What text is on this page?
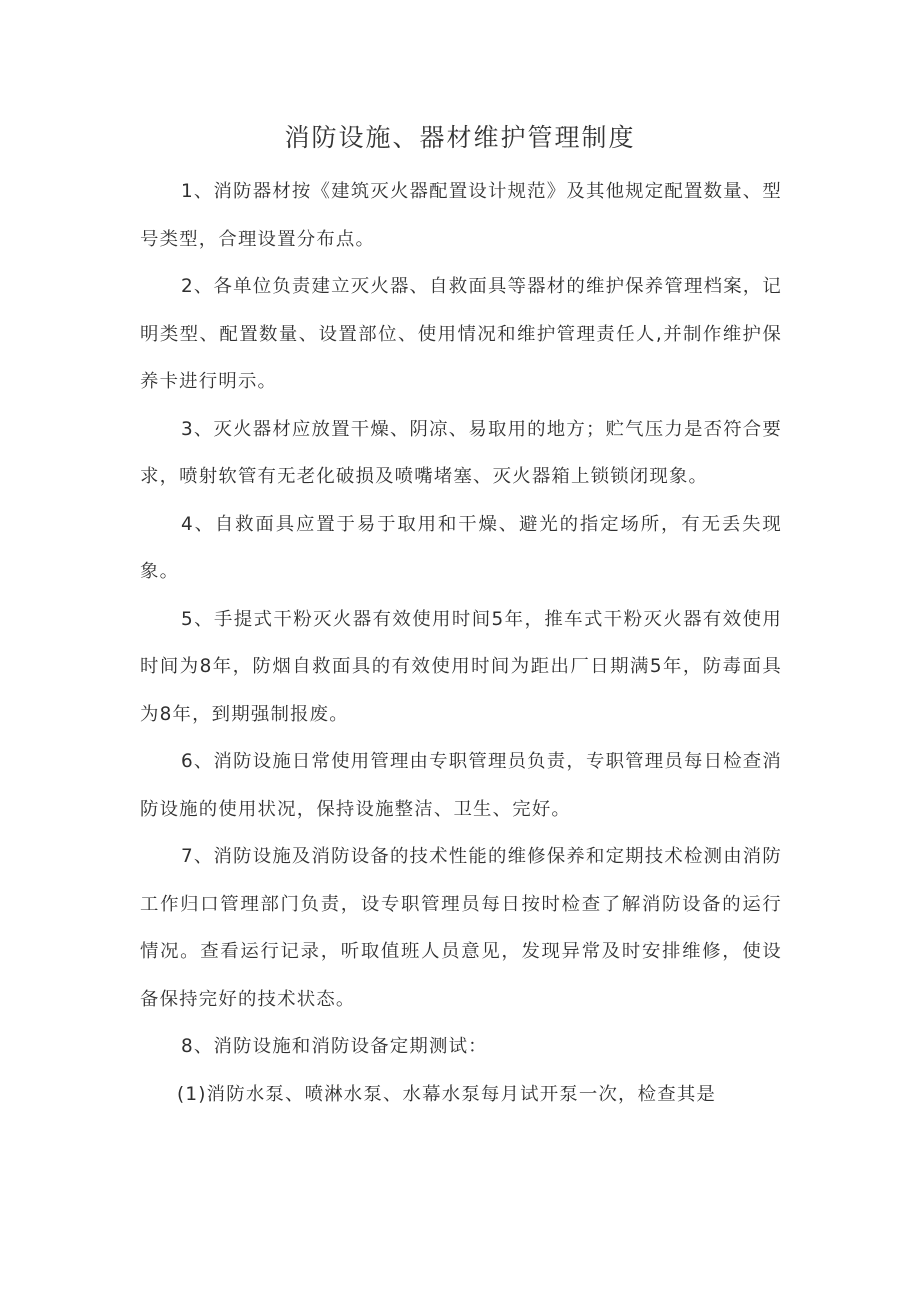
消防设施、器材维护管理制度

1、消防器材按《建筑灭火器配置设计规范》及其他规定配置数量、型号类型，合理设置分布点。

2、各单位负责建立灭火器、自救面具等器材的维护保养管理档案，记明类型、配置数量、设置部位、使用情况和维护管理责任人,并制作维护保养卡进行明示。

3、灭火器材应放置干燥、阴凉、易取用的地方；贮气压力是否符合要求，喷射软管有无老化破损及喷嘴堵塞、灭火器箱上锁锁闭现象。

4、自救面具应置于易于取用和干燥、避光的指定场所，有无丢失现象。

5、手提式干粉灭火器有效使用时间5年，推车式干粉灭火器有效使用时间为8年，防烟自救面具的有效使用时间为距出厂日期满5年，防毒面具为8年，到期强制报废。

6、消防设施日常使用管理由专职管理员负责，专职管理员每日检查消防设施的使用状况，保持设施整洁、卫生、完好。

7、消防设施及消防设备的技术性能的维修保养和定期技术检测由消防工作归口管理部门负责，设专职管理员每日按时检查了解消防设备的运行情况。查看运行记录，听取值班人员意见，发现异常及时安排维修，使设备保持完好的技术状态。

8、消防设施和消防设备定期测试：

(1)消防水泵、喷淋水泵、水幕水泵每月试开泵一次，检查其是
